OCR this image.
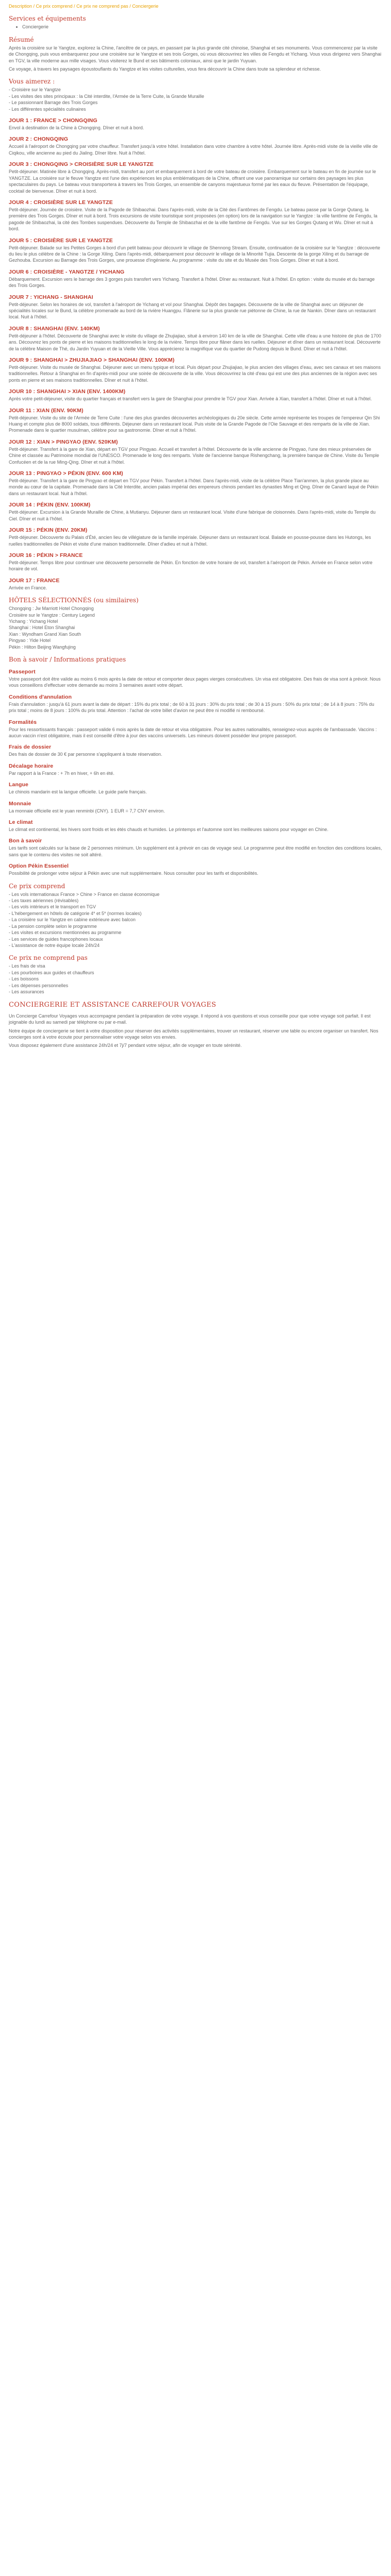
Description / Ce prix comprend / Ce prix ne comprend pas / Conciergerie
Services et équipements
• Conciergerie
Résumé

Après la croisière sur le Yangtze, explorez la Chine, l'ancêtre de ce pays, en passant par la plus grande cité chinoise, Shanghai et ses monuments. Vous commencerez par la visite de Chongqing, puis vous embarquerez pour une croisière sur le Yangtze et ses trois Gorges, où vous découvrirez les villes de Fengdu et Yichang. Vous vous dirigerez vers Shanghai en TGV, la ville moderne aux mille visages. Vous visiterez le Bund et ses bâtiments coloniaux, ainsi que le jardin Yuyuan.

Ce voyage, à travers les paysages époustouflants du Yangtze et les visites culturelles, vous fera découvrir la Chine dans toute sa splendeur et richesse.

Vous aimerez :
- Croisière sur le Yangtze
- Les visites des sites principaux : la Cité interdite, l'Armée de la Terre Cuite, la Grande Muraille
- Le passionnant Barrage des Trois Gorges
- Les différentes spécialités culinaires
JOUR 1 : FRANCE > CHONGQING

Envol à destination de la Chine à Chongqing. Dîner et nuit à bord.

JOUR 2 : CHONGQING

Accueil à l'aéroport de Chongqing par votre chauffeur. Transfert jusqu'à votre hôtel. Installation dans votre chambre à votre hôtel. Journée libre. Après-midi visite de la vieille ville de Ciqikou, ville ancienne au pied du Jialing. Dîner libre. Nuit à l'hôtel.

JOUR 3 : CHONGQING > CROISIÈRE SUR LE YANGTZE

Petit-déjeuner. Matinée libre à Chongqing. Après-midi, transfert au port et embarquement à bord de votre bateau de croisière. Embarquement sur le bateau en fin de journée sur le YANGTZE. La croisière sur le fleuve Yangtze est l'une des expériences les plus emblématiques de la Chine, offrant une vue panoramique sur certains des paysages les plus spectaculaires du pays. Le bateau vous transportera à travers les Trois Gorges, un ensemble de canyons majestueux formé par les eaux du fleuve. Présentation de l'équipage, cocktail de bienvenue. Dîner et nuit à bord.

JOUR 4 : CROISIÈRE SUR LE YANGTZE

Petit-déjeuner. Journée de croisière. Visite de la Pagode de Shibaozhai. Dans l'après-midi, visite de la Cité des Fantômes de Fengdu. Le bateau passe par la Gorge Qutang, la première des Trois Gorges. Dîner et nuit à bord. Trois excursions de visite touristique sont proposées (en option) lors de la navigation sur le Yangtze : la ville fantôme de Fengdu, la pagode de Shibaozhai, la cité des Tombes suspendues. Découverte du Temple de Shibaozhai et de la ville fantôme de Fengdu. Vue sur les Gorges Qutang et Wu. Dîner et nuit à bord.

JOUR 5 : CROISIÈRE SUR LE YANGTZE

Petit-déjeuner. Balade sur les Petites Gorges à bord d'un petit bateau pour découvrir le village de Shennong Stream. Ensuite, continuation de la croisière sur le Yangtze : découverte du lieu le plus célèbre de la Chine : la Gorge Xiling. Dans l'après-midi, débarquement pour découvrir le village de la Minorité Tujia. Descente de la gorge Xiling et du barrage de Gezhouba. Excursion au Barrage des Trois Gorges, une prouesse d'ingénierie. Au programme : visite du site et du Musée des Trois Gorges. Dîner et nuit à bord.

JOUR 6 : CROISIÈRE - YANGTZE / YICHANG

Débarquement. Excursion vers le barrage des 3 gorges puis transfert vers Yichang. Transfert à l'hôtel. Dîner au restaurant. Nuit à l'hôtel. En option : visite du musée et du barrage des Trois Gorges.

JOUR 7 : YICHANG - SHANGHAI

Petit-déjeuner. Selon les horaires de vol, transfert à l'aéroport de Yichang et vol pour Shanghai. Dépôt des bagages. Découverte de la ville de Shanghai avec un déjeuner de spécialités locales sur le Bund, la célèbre promenade au bord de la rivière Huangpu. Flânerie sur la plus grande rue piétonne de Chine, la rue de Nankin. Dîner dans un restaurant local. Nuit à l'hôtel.

JOUR 8 : SHANGHAI (ENV. 140KM)

Petit-déjeuner à l'hôtel. Découverte de Shanghai avec le visite du village de Zhujiajiao, situé à environ 140 km de la ville de Shanghai. Cette ville d'eau a une histoire de plus de 1700 ans. Découvrez les ponts de pierre et les maisons traditionnelles le long de la rivière. Temps libre pour flâner dans les ruelles. Déjeuner et dîner dans un restaurant local. Découverte de la célèbre Maison de Thé, du Jardin Yuyuan et de la Vieille Ville. Vous apprécierez la magnifique vue du quartier de Pudong depuis le Bund. Dîner et nuit à l'hôtel.

JOUR 9 : SHANGHAI > ZHUJIAJIAO > SHANGHAI (ENV. 100KM)

Petit-déjeuner. Visite du musée de Shanghai. Déjeuner avec un menu typique et local. Puis départ pour Zhujiajiao, le plus ancien des villages d'eau, avec ses canaux et ses maisons traditionnelles. Retour à Shanghai en fin d'après-midi pour une soirée de découverte de la ville. Vous découvrirez la cité d'eau qui est une des plus anciennes de la région avec ses ponts en pierre et ses maisons traditionnelles. Dîner et nuit à l'hôtel.

JOUR 10 : SHANGHAI > XIAN (ENV. 1400KM)

Après votre petit-déjeuner, visite du quartier français et transfert vers la gare de Shanghai pour prendre le TGV pour Xian. Arrivée à Xian, transfert à l'hôtel. Dîner et nuit à l'hôtel.

JOUR 11 : XIAN (ENV. 90KM)

Petit-déjeuner. Visite du site de l'Armée de Terre Cuite : l'une des plus grandes découvertes archéologiques du 20e siècle. Cette armée représente les troupes de l'empereur Qin Shi Huang et compte plus de 8000 soldats, tous différents. Déjeuner dans un restaurant local. Puis visite de la Grande Pagode de l'Oie Sauvage et des remparts de la ville de Xian. Promenade dans le quartier musulman, célèbre pour sa gastronomie. Dîner et nuit à l'hôtel.

JOUR 12 : XIAN > PINGYAO (ENV. 520KM)

Petit-déjeuner. Transfert à la gare de Xian, départ en TGV pour Pingyao. Accueil et transfert à l'hôtel. Découverte de la ville ancienne de Pingyao, l'une des mieux préservées de Chine et classée au Patrimoine mondial de l'UNESCO. Promenade le long des remparts. Visite de l'ancienne banque Rishengchang, la première banque de Chine. Visite du Temple Confucéen et de la rue Ming-Qing. Dîner et nuit à l'hôtel.

JOUR 13 : PINGYAO > PÉKIN (ENV. 600 KM)

Petit-déjeuner. Transfert à la gare de Pingyao et départ en TGV pour Pékin. Transfert à l'hôtel. Dans l'après-midi, visite de la célèbre Place Tian'anmen, la plus grande place au monde au cœur de la capitale. Promenade dans la Cité Interdite, ancien palais impérial des empereurs chinois pendant les dynasties Ming et Qing. Dîner de Canard laqué de Pékin dans un restaurant local. Nuit à l'hôtel.

JOUR 14 : PÉKIN (ENV. 100KM)

Petit-déjeuner. Excursion à la Grande Muraille de Chine, à Mutianyu. Déjeuner dans un restaurant local. Visite d'une fabrique de cloisonnés. Dans l'après-midi, visite du Temple du Ciel. Dîner et nuit à l'hôtel.

JOUR 15 : PÉKIN (ENV. 20KM)

Petit-déjeuner. Découverte du Palais d'Été, ancien lieu de villégiature de la famille impériale. Déjeuner dans un restaurant local. Balade en pousse-pousse dans les Hutongs, les ruelles traditionnelles de Pékin et visite d'une maison traditionnelle. Dîner d'adieu et nuit à l'hôtel.

JOUR 16 : PÉKIN > FRANCE

Petit-déjeuner. Temps libre pour continuer une découverte personnelle de Pékin. En fonction de votre horaire de vol, transfert à l'aéroport de Pékin. Arrivée en France selon votre horaire de vol.

JOUR 17 : FRANCE

Arrivée en France.

HÔTELS SÉLECTIONNÉS (ou similaires)
Chongqing : Jw Marriott Hotel Chongqing
Croisière sur le Yangtze : Century Legend
Yichang : Yichang Hotel
Shanghai : Hotel Eton Shanghai
Xian : Wyndham Grand Xian South
Pingyao : Yide Hotel
Pékin : Hilton Beijing Wangfujing
Bon à savoir / Informations pratiques
Passeport

Votre passeport doit être valide au moins 6 mois après la date de retour et comporter deux pages vierges consécutives. Un visa est obligatoire. Des frais de visa sont à prévoir. Nous vous conseillons d'effectuer votre demande au moins 3 semaines avant votre départ.

Conditions d'annulation

Frais d'annulation : jusqu'à 61 jours avant la date de départ : 15% du prix total ; de 60 à 31 jours : 30% du prix total ; de 30 à 15 jours : 50% du prix total ; de 14 à 8 jours : 75% du prix total ; moins de 8 jours : 100% du prix total. Attention : l'achat de votre billet d'avion ne peut être ni modifié ni remboursé.

Formalités

Pour les ressortissants français : passeport valide 6 mois après la date de retour et visa obligatoire. Pour les autres nationalités, renseignez-vous auprès de l'ambassade. Vaccins : aucun vaccin n'est obligatoire, mais il est conseillé d'être à jour des vaccins universels. Les mineurs doivent posséder leur propre passeport.

Frais de dossier

Des frais de dossier de 30 € par personne s'appliquent à toute réservation.

Décalage horaire

Par rapport à la France : + 7h en hiver, + 6h en été.

Langue

Le chinois mandarin est la langue officielle. Le guide parle français.

Monnaie

La monnaie officielle est le yuan renminbi (CNY). 1 EUR = 7,7 CNY environ.

Le climat

Le climat est continental, les hivers sont froids et les étés chauds et humides. Le printemps et l'automne sont les meilleures saisons pour voyager en Chine.

Bon à savoir

Les tarifs sont calculés sur la base de 2 personnes minimum. Un supplément est à prévoir en cas de voyage seul. Le programme peut être modifié en fonction des conditions locales, sans que le contenu des visites ne soit altéré.

Option Pékin Essentiel

Possibilité de prolonger votre séjour à Pékin avec une nuit supplémentaire. Nous consulter pour les tarifs et disponibilités.

Ce prix comprend
- Les vols internationaux France > Chine > France en classe économique
- Les taxes aériennes (révisables)
- Les vols intérieurs et le transport en TGV
- L'hébergement en hôtels de catégorie 4* et 5* (normes locales)
- La croisière sur le Yangtze en cabine extérieure avec balcon
- La pension complète selon le programme
- Les visites et excursions mentionnées au programme
- Les services de guides francophones locaux
- L'assistance de notre équipe locale 24h/24
Ce prix ne comprend pas
- Les frais de visa
- Les pourboires aux guides et chauffeurs
- Les boissons
- Les dépenses personnelles
- Les assurances
CONCIERGERIE ET ASSISTANCE CARREFOUR VOYAGES

Un Concierge Carrefour Voyages vous accompagne pendant la préparation de votre voyage. Il répond à vos questions et vous conseille pour que votre voyage soit parfait. Il est joignable du lundi au samedi par téléphone ou par e-mail.

Notre équipe de conciergerie se tient à votre disposition pour réserver des activités supplémentaires, trouver un restaurant, réserver une table ou encore organiser un transfert. Nos concierges sont à votre écoute pour personnaliser votre voyage selon vos envies.

Vous disposez également d'une assistance 24h/24 et 7j/7 pendant votre séjour, afin de voyager en toute sérénité.
